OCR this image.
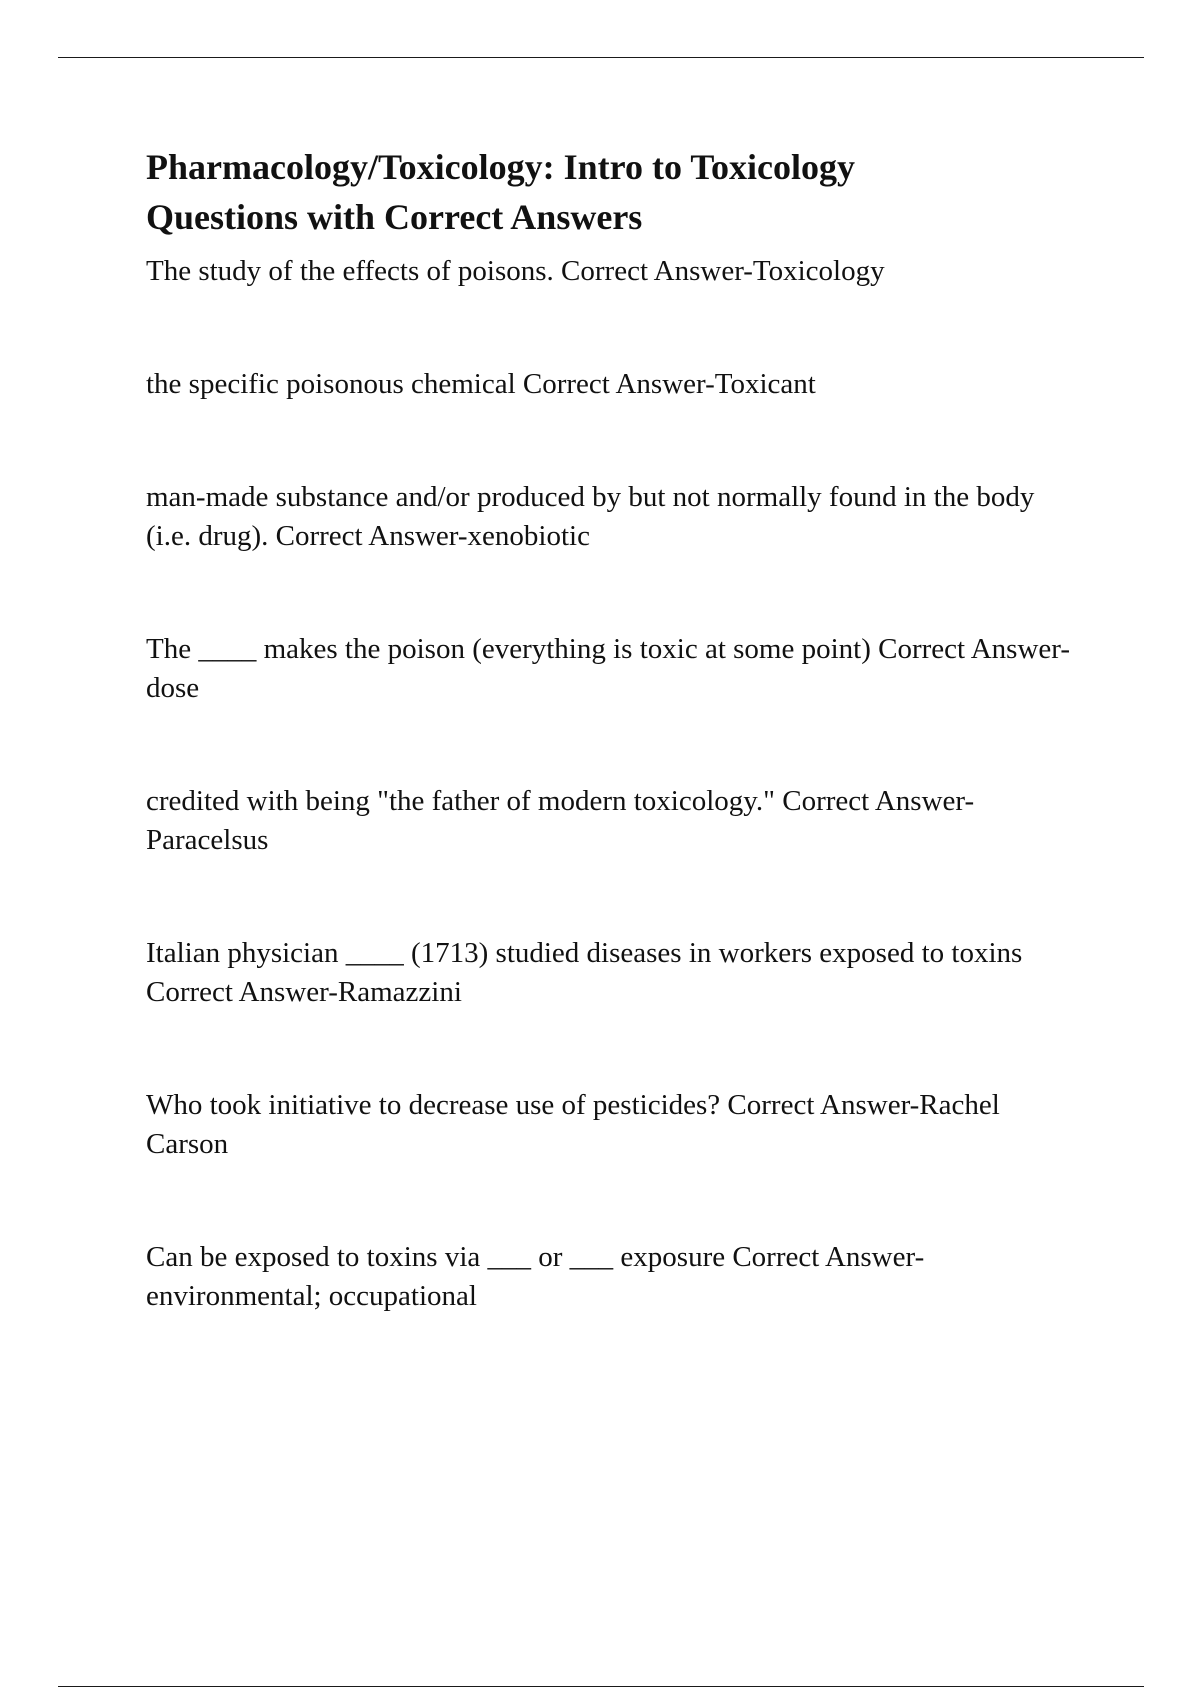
Pharmacology/Toxicology: Intro to Toxicology
Questions with Correct Answers
The study of the effects of poisons. Correct Answer-Toxicology
the specific poisonous chemical Correct Answer-Toxicant
man-made substance and/or produced by but not normally found in the body (i.e. drug). Correct Answer-xenobiotic
The ____ makes the poison (everything is toxic at some point) Correct Answer-dose
credited with being "the father of modern toxicology." Correct Answer-Paracelsus
Italian physician ____ (1713) studied diseases in workers exposed to toxins Correct Answer-Ramazzini
Who took initiative to decrease use of pesticides? Correct Answer-Rachel Carson
Can be exposed to toxins via ___ or ___ exposure Correct Answer-environmental; occupational
